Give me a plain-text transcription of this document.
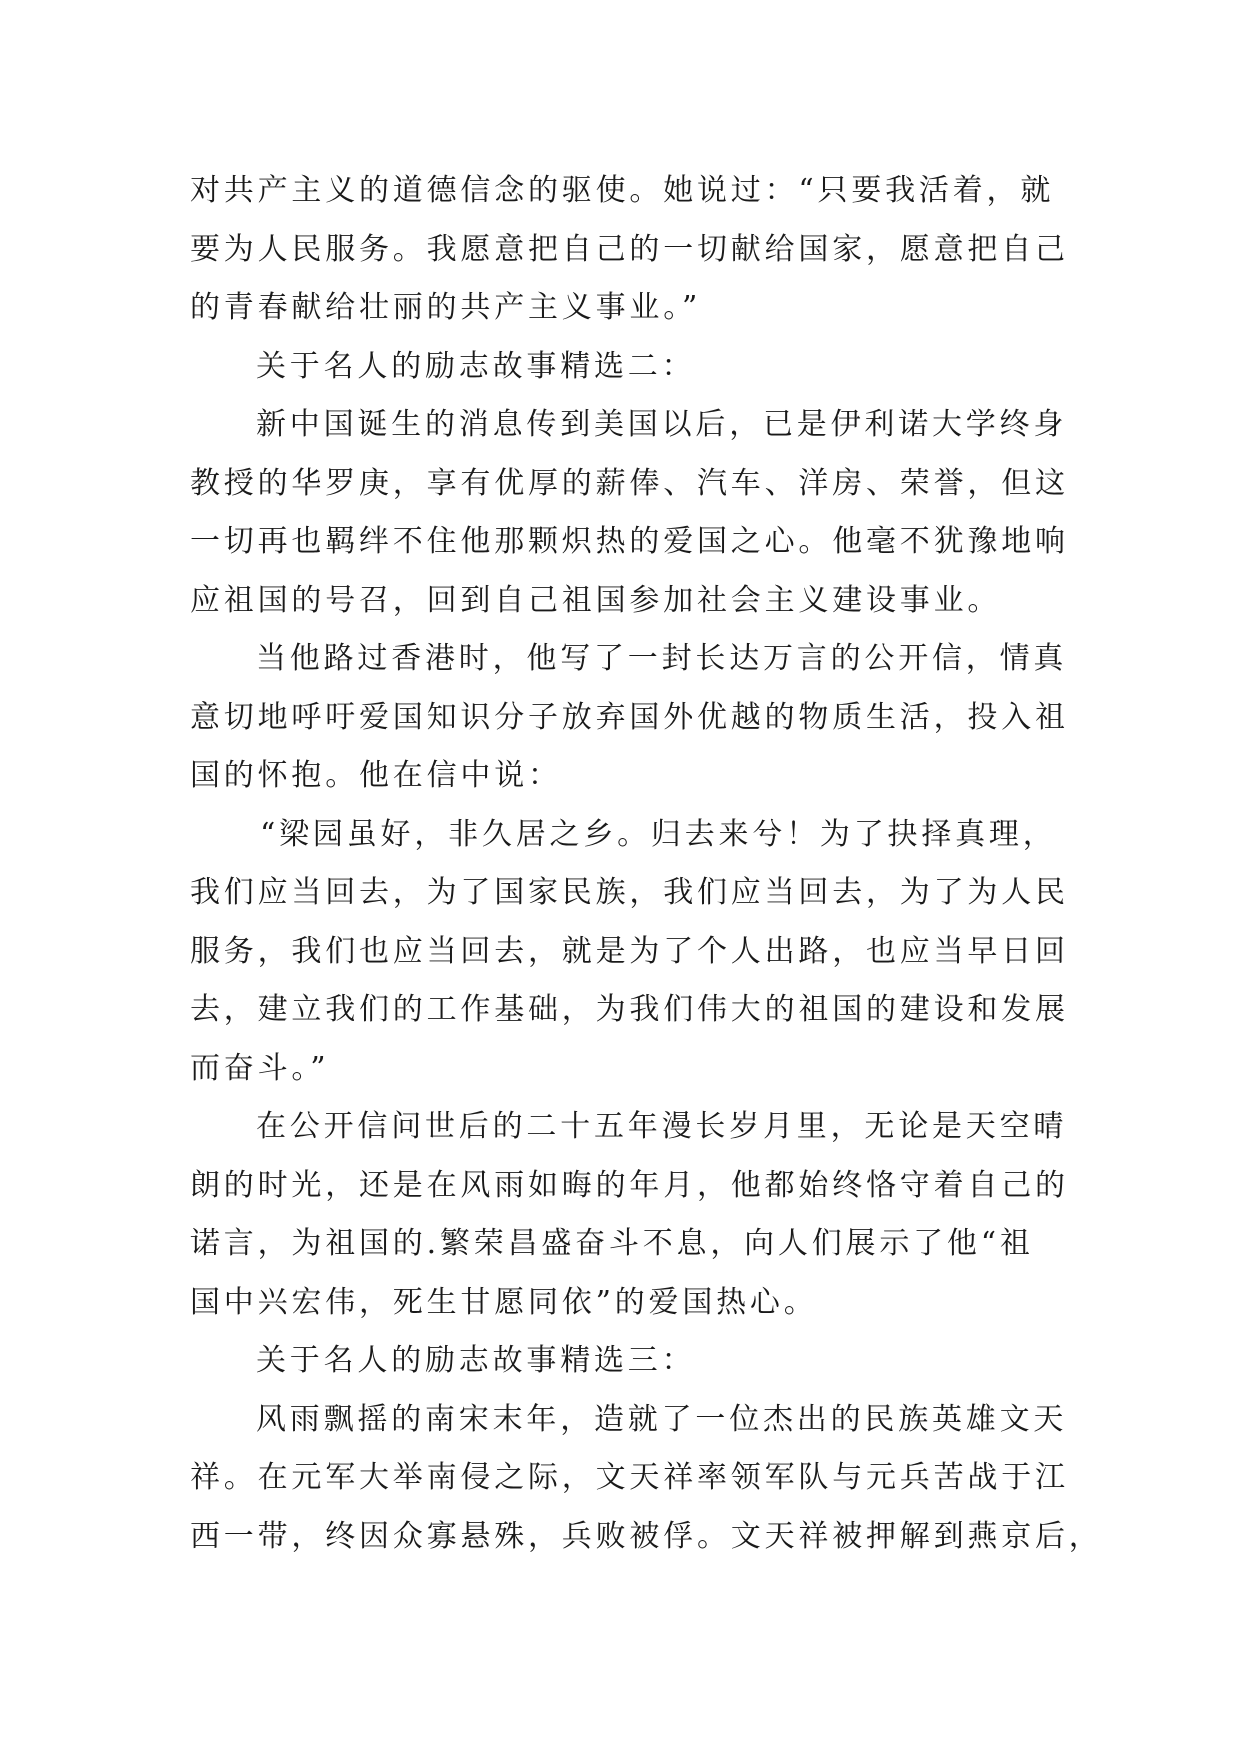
对共产主义的道德信念的驱使。她说过：“只要我活着，就
要为人民服务。我愿意把自己的一切献给国家，愿意把自己
的青春献给壮丽的共产主义事业。”
关于名人的励志故事精选二：
新中国诞生的消息传到美国以后，已是伊利诺大学终身
教授的华罗庚，享有优厚的薪俸、汽车、洋房、荣誉，但这
一切再也羁绊不住他那颗炽热的爱国之心。他毫不犹豫地响
应祖国的号召，回到自己祖国参加社会主义建设事业。
当他路过香港时，他写了一封长达万言的公开信，情真
意切地呼吁爱国知识分子放弃国外优越的物质生活，投入祖
国的怀抱。他在信中说：
“梁园虽好，非久居之乡。归去来兮！为了抉择真理，
我们应当回去，为了国家民族，我们应当回去，为了为人民
服务，我们也应当回去，就是为了个人出路，也应当早日回
去，建立我们的工作基础，为我们伟大的祖国的建设和发展
而奋斗。”
在公开信问世后的二十五年漫长岁月里，无论是天空晴
朗的时光，还是在风雨如晦的年月，他都始终恪守着自己的
诺言，为祖国的.繁荣昌盛奋斗不息，向人们展示了他“祖
国中兴宏伟，死生甘愿同依”的爱国热心。
关于名人的励志故事精选三：
风雨飘摇的南宋末年，造就了一位杰出的民族英雄文天
祥。在元军大举南侵之际，文天祥率领军队与元兵苦战于江
西一带，终因众寡悬殊，兵败被俘。文天祥被押解到燕京后，
